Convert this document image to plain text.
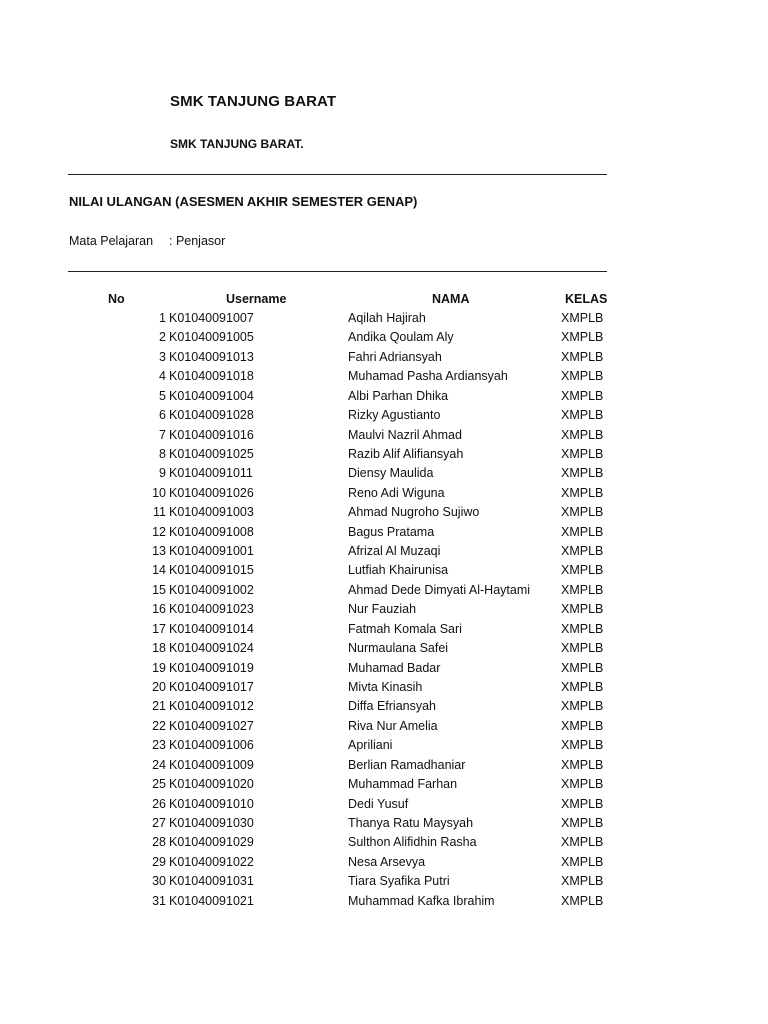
SMK TANJUNG BARAT
SMK TANJUNG BARAT.
NILAI ULANGAN (ASESMEN AKHIR SEMESTER GENAP)
Mata Pelajaran : Penjasor
No	Username	NAMA	KELAS
1 K01040091007	Aqilah Hajirah	XMPLB
2 K01040091005	Andika Qoulam Aly	XMPLB
3 K01040091013	Fahri Adriansyah	XMPLB
4 K01040091018	Muhamad Pasha Ardiansyah	XMPLB
5 K01040091004	Albi Parhan Dhika	XMPLB
6 K01040091028	Rizky Agustianto	XMPLB
7 K01040091016	Maulvi Nazril Ahmad	XMPLB
8 K01040091025	Razib Alif Alifiansyah	XMPLB
9 K01040091011	Diensy Maulida	XMPLB
10 K01040091026	Reno Adi Wiguna	XMPLB
11 K01040091003	Ahmad Nugroho Sujiwo	XMPLB
12 K01040091008	Bagus Pratama	XMPLB
13 K01040091001	Afrizal Al Muzaqi	XMPLB
14 K01040091015	Lutfiah Khairunisa	XMPLB
15 K01040091002	Ahmad Dede Dimyati Al-Haytami XMPLB
16 K01040091023	Nur Fauziah	XMPLB
17 K01040091014	Fatmah Komala Sari	XMPLB
18 K01040091024	Nurmaulana Safei	XMPLB
19 K01040091019	Muhamad Badar	XMPLB
20 K01040091017	Mivta Kinasih	XMPLB
21 K01040091012	Diffa Efriansyah	XMPLB
22 K01040091027	Riva Nur Amelia	XMPLB
23 K01040091006	Apriliani	XMPLB
24 K01040091009	Berlian Ramadhaniar	XMPLB
25 K01040091020	Muhammad Farhan	XMPLB
26 K01040091010	Dedi Yusuf	XMPLB
27 K01040091030	Thanya Ratu Maysyah	XMPLB
28 K01040091029	Sulthon Alifidhin Rasha	XMPLB
29 K01040091022	Nesa Arsevya	XMPLB
30 K01040091031	Tiara Syafika Putri	XMPLB
31 K01040091021	Muhammad Kafka Ibrahim	XMPLB
